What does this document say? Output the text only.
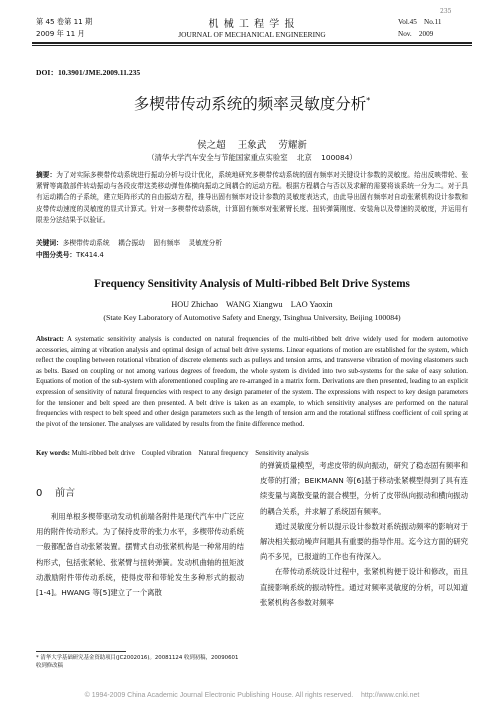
第 45 卷第 11 期
2009 年 11 月
机 械 工 程 学 报
JOURNAL OF MECHANICAL ENGINEERING
Vol.45    No.11
Nov.    2009
235
DOI：10.3901/JME.2009.11.235
多楔带传动系统的频率灵敏度分析*
侯之超    王象武    劳耀新
（清华大学汽车安全与节能国家重点实验室    北京    100084）
摘要：为了对实际多楔带传动系统进行振动分析与设计优化，系统地研究多楔带传动系统的固有频率对关键设计参数的灵敏度。给出反映带轮、张紧臂等离散部件转动振动与各段皮带这类移动弹性体横向振动之间耦合的运动方程。根据方程耦合与否以及求解的需要将该系统一分为二。对于具有运动耦合的子系统，建立矩阵形式的自由振动方程，推导出固有频率对设计参数的灵敏度表达式，由此导出固有频率对自动张紧机构设计参数和皮带传动速度的灵敏度的显式计算式。针对一多楔带传动系统，计算固有频率对张紧臂长度、扭转弹簧刚度、安装角以及带速的灵敏度，并运用有限差分法结果予以验证。
关键词：多楔带传动系统    耦合振动    固有频率    灵敏度分析
中图分类号：TK414.4
Frequency Sensitivity Analysis of Multi-ribbed Belt Drive Systems
HOU Zhichao    WANG Xiangwu    LAO Yaoxin
(State Key Laboratory of Automotive Safety and Energy, Tsinghua University, Beijing 100084)
Abstract: A systematic sensitivity analysis is conducted on natural frequencies of the multi-ribbed belt drive widely used for modern automotive accessories, aiming at vibration analysis and optimal design of actual belt drive systems. Linear equations of motion are established for the system, which reflect the coupling between rotational vibration of discrete elements such as pulleys and tension arms, and transverse vibration of moving elastomers such as belts. Based on coupling or not among various degrees of freedom, the whole system is divided into two sub-systems for the sake of easy solution. Equations of motion of the sub-system with aforementioned coupling are re-arranged in a matrix form. Derivations are then presented, leading to an explicit expression of sensitivity of natural frequencies with respect to any design parameter of the system. The expressions with respect to key design parameters for the tensioner and belt speed are then presented. A belt drive is taken as an example, to which sensitivity analyses are performed on the natural frequencies with respect to belt speed and other design parameters such as the length of tension arm and the rotational stiffness coefficient of coil spring at the pivot of the tensioner. The analyses are validated by results from the finite difference method.
Key words: Multi-ribbed belt drive    Coupled vibration    Natural frequency    Sensitivity analysis
0    前言
利用单根多楔带驱动发动机前端各附件是现代汽车中广泛应用的附件传动形式。为了保持皮带的张力水平，多楔带传动系统一般都配备自动张紧装置。摆臂式自动张紧机构是一种常用的结构形式，包括张紧轮、张紧臂与扭转弹簧。发动机曲轴的扭矩波动激励附件带传动系统，使得皮带和带轮发生多种形式的振动[1-4]。HWANG 等[5]建立了一个离散
的弹簧质量模型，考虑皮带的纵向振动，研究了稳态固有频率和皮带的打滑；BEIKMANN 等[6]基于移动张紧模型得到了具有连续变量与离散变量的混合模型，分析了皮带纵向振动和横向振动的耦合关系，并求解了系统固有频率。
　　通过灵敏度分析以提示设计参数对系统振动频率的影响对于解决相关振动噪声问题具有重要的指导作用。迄今这方面的研究尚不多见，已报道的工作也有待深入。
　　在带传动系统设计过程中，张紧机构便于设计和修改，而且直接影响系统的振动特性。通过对频率灵敏度的分析，可以知道张紧机构各参数对频率
* 清华大学基础研究基金资助项目(JC2002016)。20081124 收到初稿，20090601 收到修改稿
© 1994-2009 China Academic Journal Electronic Publishing House. All rights reserved.    http://www.cnki.net
